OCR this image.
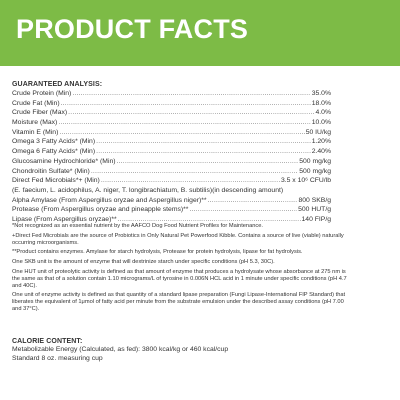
PRODUCT FACTS
GUARANTEED ANALYSIS:
Crude Protein (Min) .....	35.0%
Crude Fat (Min) .....	18.0%
Crude Fiber (Max) .....	4.0%
Moisture (Max) .....	10.0%
Vitamin E (Min) .....	50 IU/kg
Omega 3 Fatty Acids* (Min) .....	1.20%
Omega 6 Fatty Acids* (Min) .....	2.40%
Glucosamine Hydrochloride* (Min) .....	500 mg/kg
Chondroitin Sulfate* (Min) .....	500 mg/kg
Direct Fed Microbials*+ (Min) .....	3.5 x 10⁶ CFU/lb
(E. faecium, L. acidophilus, A. niger, T. longibrachiatum, B. subtilis)(in descending amount)
Alpha Amylase (From Aspergillus oryzae and Aspergillus niger)** .....	800 SKB/g
Protease (From Aspergillus oryzae and pineapple stems)** .....	500 HUT/g
Lipase (From Aspergillus oryzae)** .....	140 FIP/g

*Not recognized as an essential nutrient by the AAFCO Dog Food Nutrient Profiles for Maintenance.

+Direct Fed Microbials are the source of Probiotics in Only Natural Pet Powerfood Kibble. Contains a source of live (viable) naturally occurring microorganisms.

**Product contains enzymes. Amylase for starch hydrolysis, Protease for protein hydrolysis, lipase for fat hydrolysis.

One SKB unit is the amount of enzyme that will dextrinize starch under specific conditions (pH 5.3, 30C).

One HUT unit of proteolytic activity is defined as that amount of enzyme that produces a hydrolysate whose absorbance at 275 nm is the same as that of a solution contain 1.10 micrograms/L of tyrosine in 0.006N HCL acid in 1 minute under specific conditions (pH 4.7 and 40C).

One unit of enzyme activity is defined as that quantity of a standard lipase preparation (Fungi Lipase-International FIP Standard) that liberates the equivalent of 1μmol of fatty acid per minute from the substrate emulsion under the described assay conditions (pH 7.00 and 37°C).

CALORIE CONTENT:
Metabolizable Energy (Calculated, as fed): 3800 kcal/kg or 460 kcal/cup
Standard 8 oz. measuring cup
